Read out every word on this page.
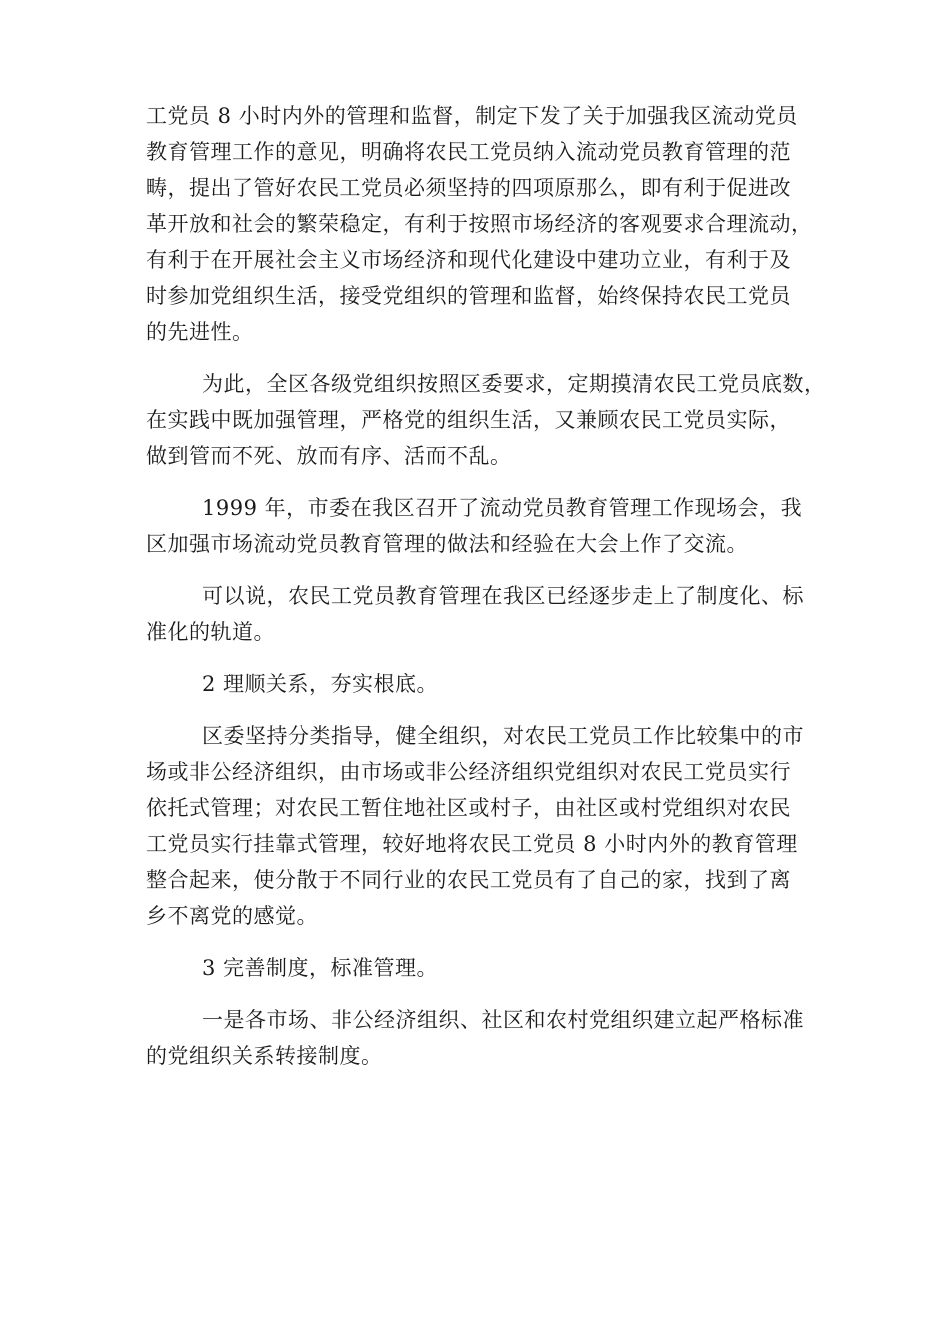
工党员 8 小时内外的管理和监督，制定下发了关于加强我区流动党员
教育管理工作的意见，明确将农民工党员纳入流动党员教育管理的范
畴，提出了管好农民工党员必须坚持的四项原那么，即有利于促进改
革开放和社会的繁荣稳定，有利于按照市场经济的客观要求合理流动，
有利于在开展社会主义市场经济和现代化建设中建功立业，有利于及
时参加党组织生活，接受党组织的管理和监督，始终保持农民工党员
的先进性。
为此，全区各级党组织按照区委要求，定期摸清农民工党员底数，
在实践中既加强管理，严格党的组织生活，又兼顾农民工党员实际，
做到管而不死、放而有序、活而不乱。
1999 年，市委在我区召开了流动党员教育管理工作现场会，我
区加强市场流动党员教育管理的做法和经验在大会上作了交流。
可以说，农民工党员教育管理在我区已经逐步走上了制度化、标
准化的轨道。
2 理顺关系，夯实根底。
区委坚持分类指导，健全组织，对农民工党员工作比较集中的市
场或非公经济组织，由市场或非公经济组织党组织对农民工党员实行
依托式管理；对农民工暂住地社区或村子，由社区或村党组织对农民
工党员实行挂靠式管理，较好地将农民工党员 8 小时内外的教育管理
整合起来，使分散于不同行业的农民工党员有了自己的家，找到了离
乡不离党的感觉。
3 完善制度，标准管理。
一是各市场、非公经济组织、社区和农村党组织建立起严格标准
的党组织关系转接制度。
